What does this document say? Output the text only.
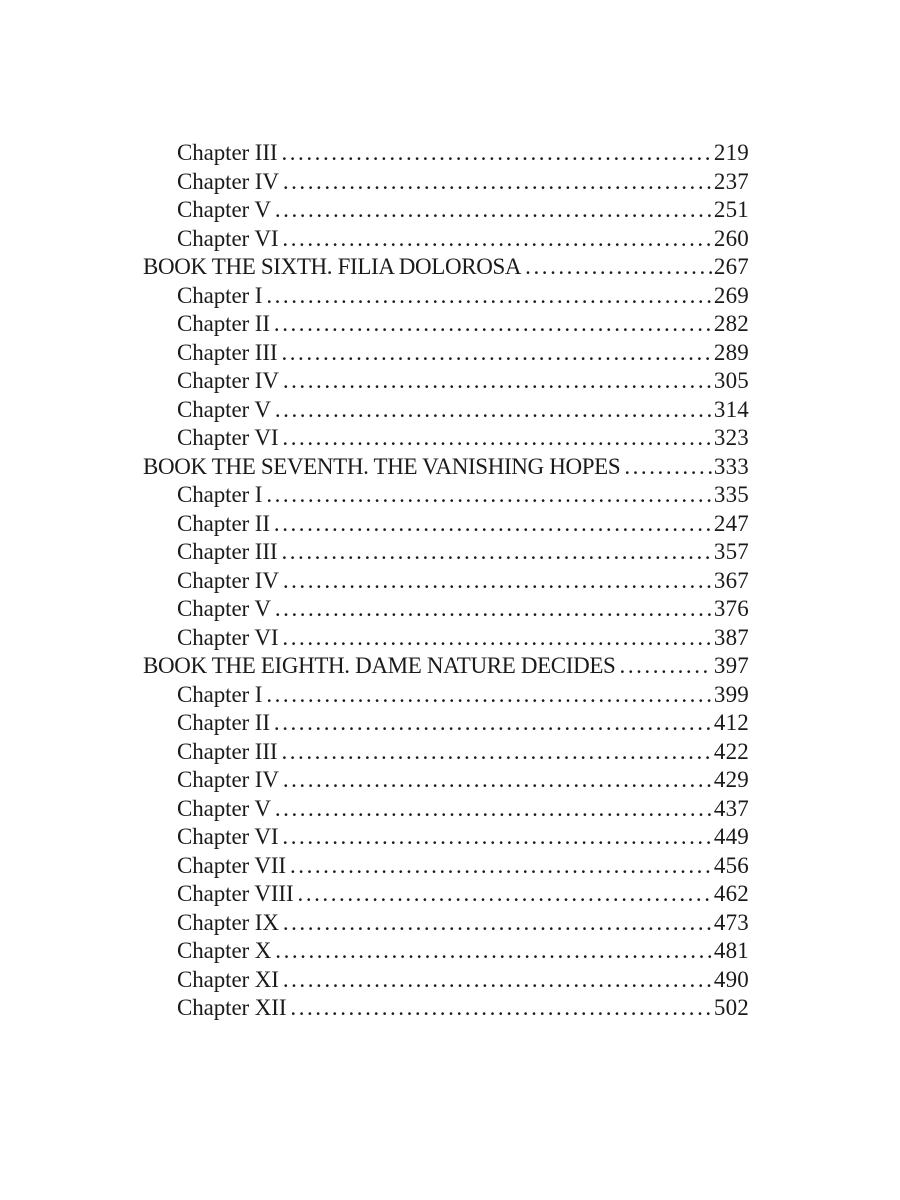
Chapter III . . .	219
Chapter IV . . .	237
Chapter V . . .	251
Chapter VI . . .	260
BOOK THE SIXTH. FILIA DOLOROSA . . .	267
Chapter I . . .	269
Chapter II . . .	282
Chapter III . . .	289
Chapter IV . . .	305
Chapter V . . .	314
Chapter VI . . .	323
BOOK THE SEVENTH. THE VANISHING HOPES . . .	333
Chapter I . . .	335
Chapter II . . .	247
Chapter III . . .	357
Chapter IV . . .	367
Chapter V . . .	376
Chapter VI . . .	387
BOOK THE EIGHTH. DAME NATURE DECIDES . . .	397
Chapter I . . .	399
Chapter II . . .	412
Chapter III . . .	422
Chapter IV . . .	429
Chapter V . . .	437
Chapter VI . . .	449
Chapter VII . . .	456
Chapter VIII . . .	462
Chapter IX . . .	473
Chapter X . . .	481
Chapter XI . . .	490
Chapter XII . . .	502
